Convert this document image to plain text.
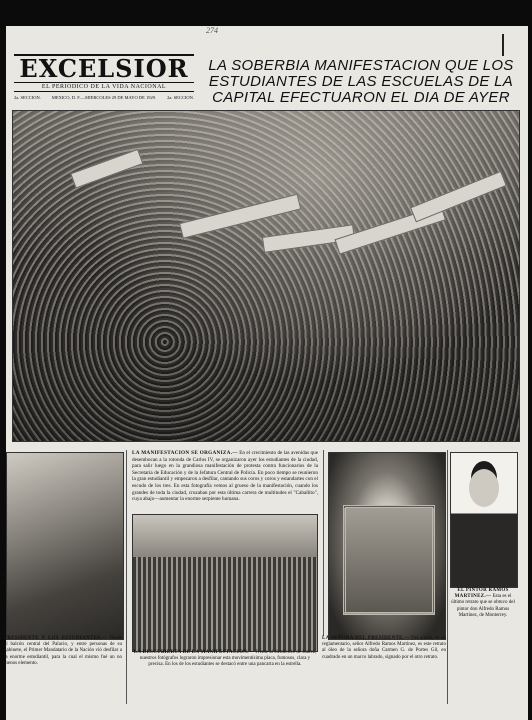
274
EXCELSIOR
EL PERIODICO DE LA VIDA NACIONAL
2a. SECCION. MEXICO, D. F.—MIERCOLES 29 DE MAYO DE 1929. 2a. SECCION.
LA SOBERBIA MANIFESTACION QUE LOS ESTUDIANTES DE LAS ESCUELAS DE LA CAPITAL EFECTUARON EL DIA DE AYER
LA MANIFESTACION SE ORGANIZA.— En el crecimiento de las avenidas que desembocan a la rotonda de Carlos IV, se organizaron ayer los estudiantes de la ciudad, para salir luego en la grandiosa manifestación de protesta contra funcionarios de la Secretaría de Educación y de la Jefatura Central de Policía. En poco tiempo se reunieron la gran estudiantil y empezaron a desfilar, cantando sus coros y coros y estandartes con el escudo de los tres. En esta fotografía vemos al grueso de la manifestación, cuando los grandes de toda la ciudad, cruzaban por esta última carrera de multitudes el "Caballito", cuya abajo—aumentar la enorme serpiente humana.
PRESIDENTE Y LOS ESTUDIANTES.— Desde el balcón central del Palacio, y entre personas de su gabinete, el Primer Mandatario de la Nación vió desfilar a la enorme estudiantil, para la cual el mismo fué un no menos elemento.
LA DESCUBIERTA DE LA MANIFESTACION.— Frente al Hemiciclo de Juárez, nuestros fotógrafos lograron impresionar esta movimentísima placa, fumosos, clara y precisa. En los de los estudiantes se destacó entre una pancarta en la estrella.
LA SEÑORA DEL PRESIDENTE.— Del artista, en un reglamentario, señor Alfredo Ramos Martínez, es este retrato al óleo de la señora doña Carmen G. de Portes Gil, en cuadrado en un marco labrado, signado por el otro retrato.
EL PINTOR RAMOS MARTINEZ.— Esta es el último retrato que se obtuvo del pintor don Alfredo Ramos Martínez, de Monterrey.
